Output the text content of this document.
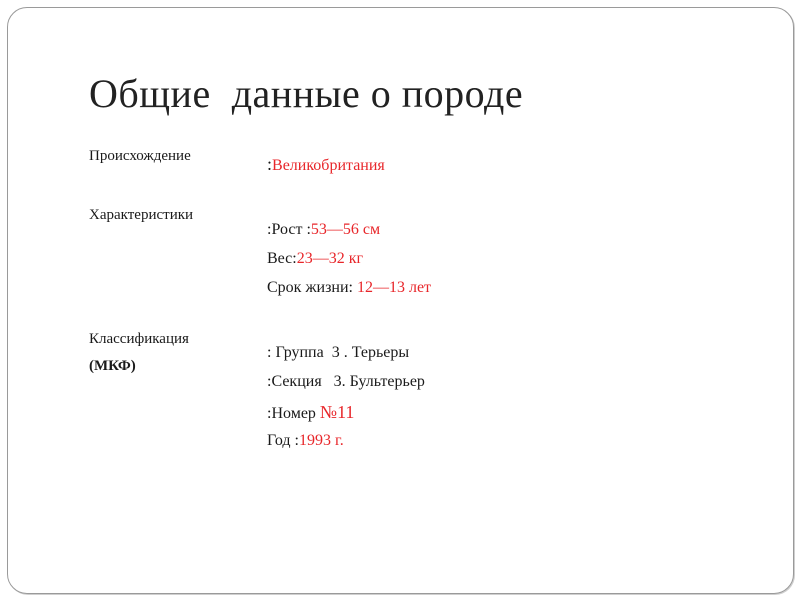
Общие  данные о породе
Происхождение	:Великобритания
Характеристики
:Рост :53—56 см
Вес:23—32 кг
Срок жизни: 12—13 лет
Классификация
(МКФ)
: Группа  3 . Терьеры
:Секция   3. Бультерьер
:Номер №11
Год :1993 г.
